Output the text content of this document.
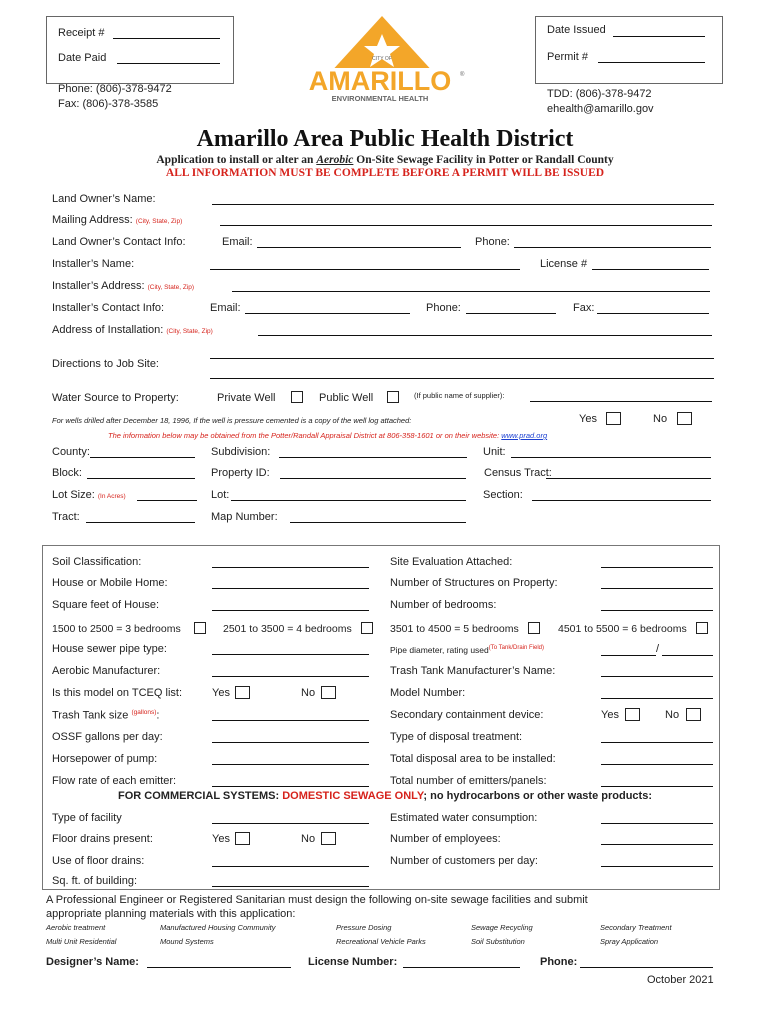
Receipt #
Date Paid
Date Issued
Permit #
Phone: (806)-378-9472
Fax: (806)-378-3585
TDD: (806)-378-9472
ehealth@amarillo.gov
CITY OF
AMARILLO ®
ENVIRONMENTAL HEALTH
Amarillo Area Public Health District
Application to install or alter an Aerobic On-Site Sewage Facility in Potter or Randall County
ALL INFORMATION MUST BE COMPLETE BEFORE A PERMIT WILL BE ISSUED
Land Owner’s Name:
Mailing Address: (City, State, Zip)
Land Owner’s Contact Info:	Email:	Phone:
Installer’s Name:	License #
Installer’s Address: (City, State, Zip)
Installer’s Contact Info:	Email:	Phone:	Fax:
Address of Installation: (City, State, Zip)
Directions to Job Site:
Water Source to Property:	Private Well	Public Well	(If public name of supplier):
For wells drilled after December 18, 1996, If the well is pressure cemented is a copy of the well log attached:	Yes	No
The information below may be obtained from the Potter/Randall Appraisal District at 806-358-1601 or on their website: www.prad.org
County:	Subdivision:	Unit:
Block:	Property ID:	Census Tract:
Lot Size: (In Acres)	Lot:	Section:
Tract:	Map Number:
Soil Classification:	Site Evaluation Attached:
House or Mobile Home:	Number of Structures on Property:
Square feet of House:	Number of bedrooms:
1500 to 2500 = 3 bedrooms	2501 to 3500 = 4 bedrooms	3501 to 4500 = 5 bedrooms	4501 to 5500 = 6 bedrooms
House sewer pipe type:	Pipe diameter, rating used$^{(To Tank/Drain Field)}$	/
Aerobic Manufacturer:	Trash Tank Manufacturer’s Name:
Is this model on TCEQ list:	Yes	No	Model Number:
Trash Tank size $^{(gallons)}$:	Secondary containment device:	Yes	No
OSSF gallons per day:	Type of disposal treatment:
Horsepower of pump:	Total disposal area to be installed:
Flow rate of each emitter:	Total number of emitters/panels:
FOR COMMERCIAL SYSTEMS: DOMESTIC SEWAGE ONLY; no hydrocarbons or other waste products:
Type of facility	Estimated water consumption:
Floor drains present:	Yes	No	Number of employees:
Use of floor drains:	Number of customers per day:
Sq. ft. of building:
A Professional Engineer or Registered Sanitarian must design the following on-site sewage facilities and submit
appropriate planning materials with this application:
Aerobic treatment	Manufactured Housing Community	Pressure Dosing	Sewage Recycling	Secondary Treatment
Multi Unit Residential	Mound Systems	Recreational Vehicle Parks	Soil Substitution	Spray Application
Designer’s Name:	License Number:	Phone:
October 2021
